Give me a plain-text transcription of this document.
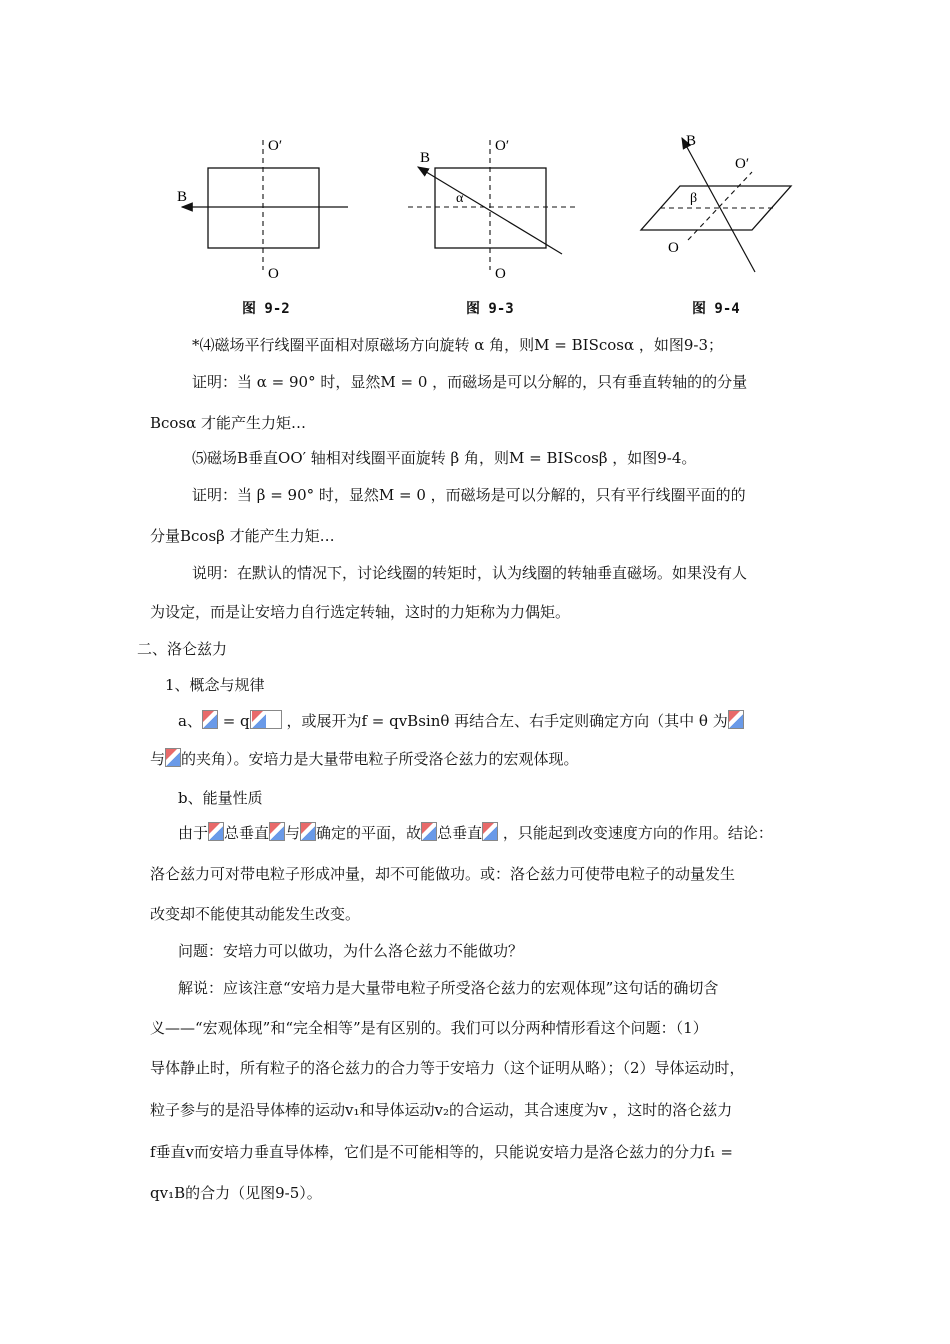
B
O′
O
B
O′
O
α
B
O′
O
β
图 9-2	图 9-3	图 9-4
*⑷磁场平行线圈平面相对原磁场方向旋转 α 角，则M = BIScosα ，如图9-3；
证明：当 α = 90° 时，显然M = 0 ，而磁场是可以分解的，只有垂直转轴的的分量
Bcosα 才能产生力矩…
⑸磁场B垂直OO′ 轴相对线圈平面旋转 β 角，则M = BIScosβ ，如图9-4。
证明：当 β = 90° 时，显然M = 0 ，而磁场是可以分解的，只有平行线圈平面的的
分量Bcosβ 才能产生力矩…
说明：在默认的情况下，讨论线圈的转矩时，认为线圈的转轴垂直磁场。如果没有人
为设定，而是让安培力自行选定转轴，这时的力矩称为力偶矩。
二、洛仑兹力
1、概念与规律
a、 = q
，或展开为f = qvBsinθ 再结合左、右手定则确定方向（其中 θ 为
与 的夹角）。安培力是大量带电粒子所受洛仑兹力的宏观体现。
b、能量性质
由于 总垂直 与 确定的平面，故 总垂直 ，只能起到改变速度方向的作用。结论：
洛仑兹力可对带电粒子形成冲量，却不可能做功。或：洛仑兹力可使带电粒子的动量发生
改变却不能使其动能发生改变。
问题：安培力可以做功，为什么洛仑兹力不能做功？
解说：应该注意“安培力是大量带电粒子所受洛仑兹力的宏观体现”这句话的确切含
义——“宏观体现”和“完全相等”是有区别的。我们可以分两种情形看这个问题：（1）
导体静止时，所有粒子的洛仑兹力的合力等于安培力（这个证明从略）；（2）导体运动时，
粒子参与的是沿导体棒的运动v₁和导体运动v₂的合运动，其合速度为v ，这时的洛仑兹力
f垂直v而安培力垂直导体棒，它们是不可能相等的，只能说安培力是洛仑兹力的分力f₁ =
qv₁B的合力（见图9-5）。
